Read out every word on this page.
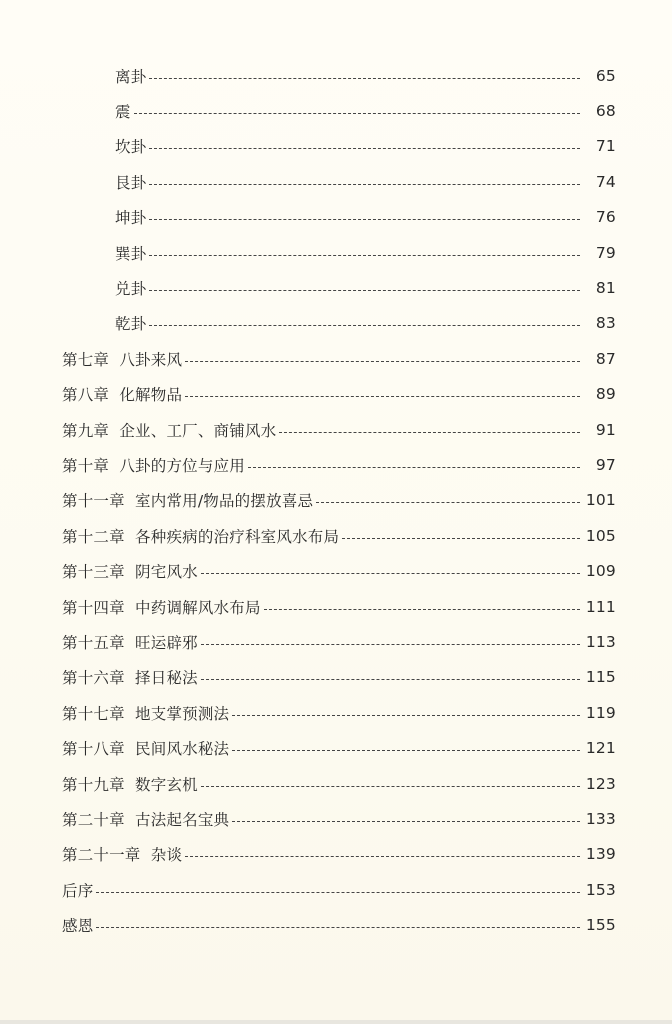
离卦	65
震	68
坎卦	71
艮卦	74
坤卦	76
巽卦	79
兑卦	81
乾卦	83
第七章  八卦来风	87
第八章  化解物品	89
第九章  企业、工厂、商铺风水	91
第十章  八卦的方位与应用	97
第十一章  室内常用/物品的摆放喜忌	101
第十二章  各种疾病的治疗科室风水布局	105
第十三章  阴宅风水	109
第十四章  中药调解风水布局	111
第十五章  旺运辟邪	113
第十六章  择日秘法	115
第十七章  地支掌预测法	119
第十八章  民间风水秘法	121
第十九章  数字玄机	123
第二十章  古法起名宝典	133
第二十一章  杂谈	139
后序	153
感恩	155
